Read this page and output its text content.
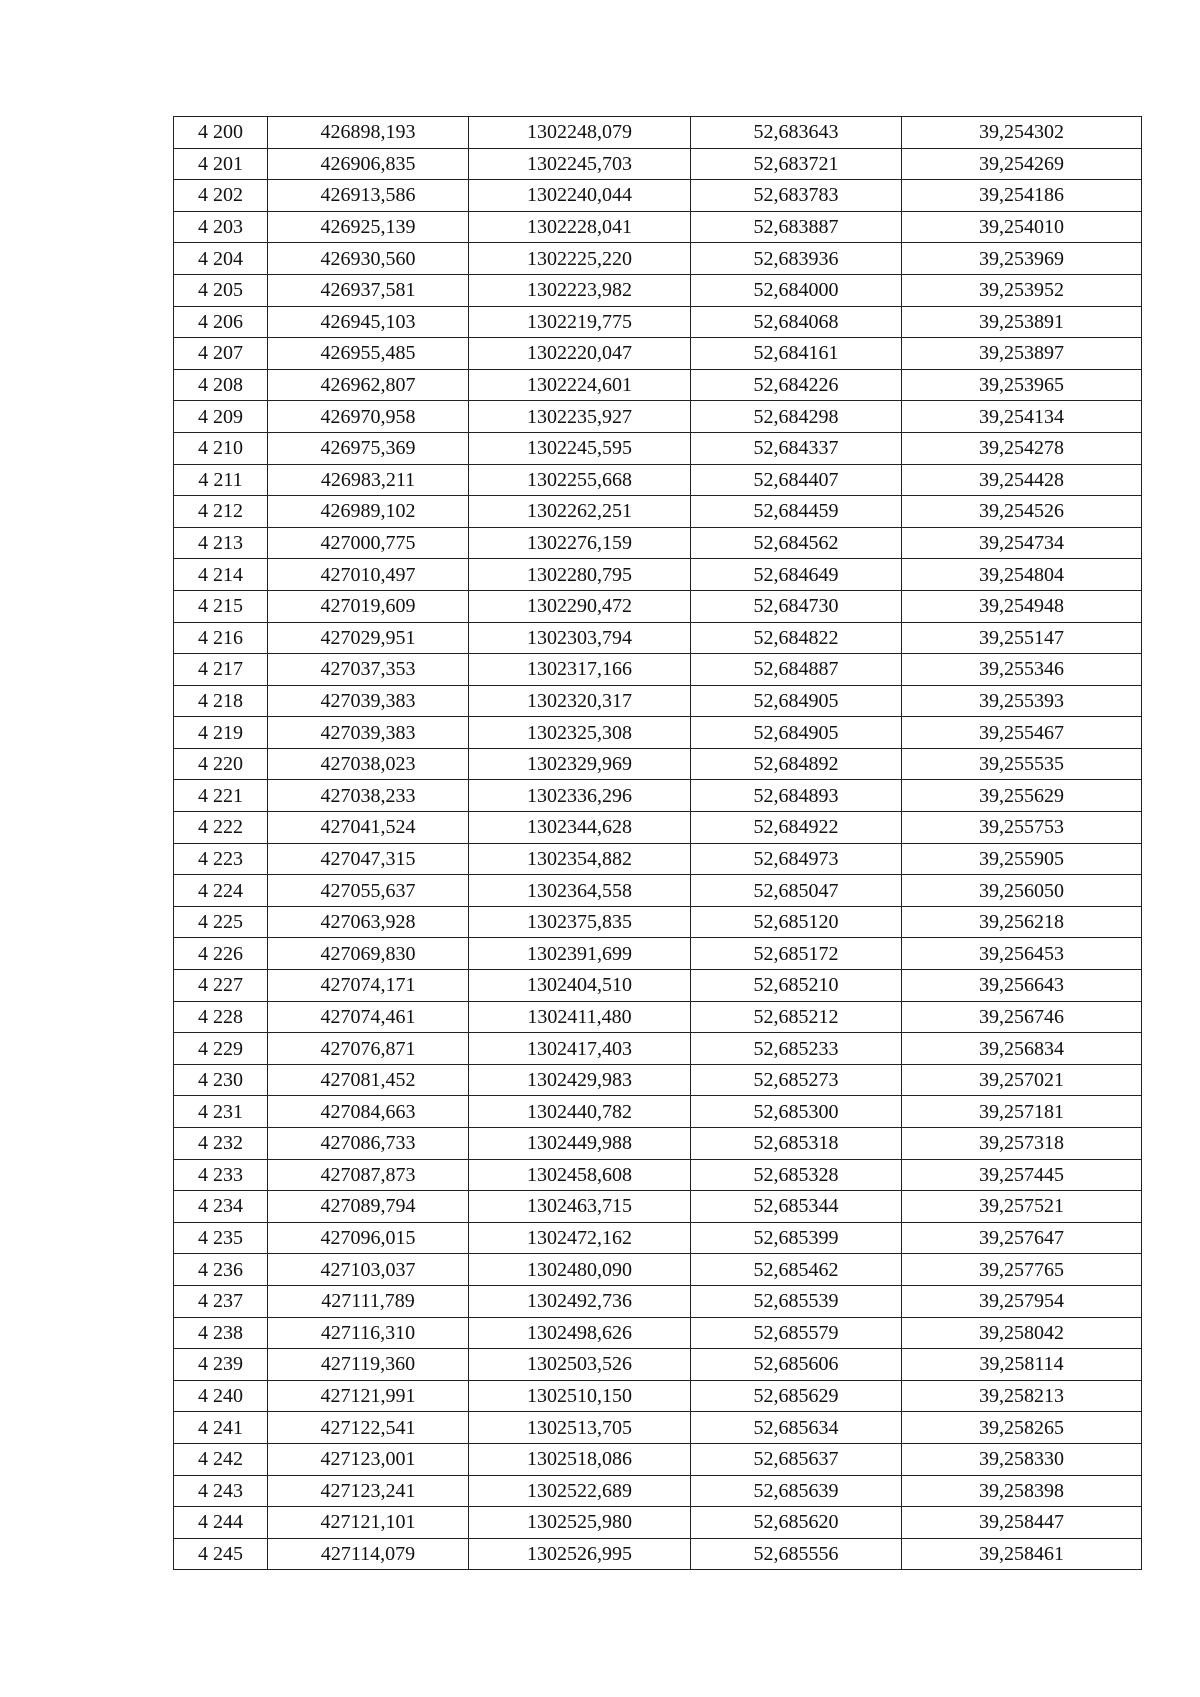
4 200	426898,193	1302248,079	52,683643	39,254302
4 201	426906,835	1302245,703	52,683721	39,254269
4 202	426913,586	1302240,044	52,683783	39,254186
4 203	426925,139	1302228,041	52,683887	39,254010
4 204	426930,560	1302225,220	52,683936	39,253969
4 205	426937,581	1302223,982	52,684000	39,253952
4 206	426945,103	1302219,775	52,684068	39,253891
4 207	426955,485	1302220,047	52,684161	39,253897
4 208	426962,807	1302224,601	52,684226	39,253965
4 209	426970,958	1302235,927	52,684298	39,254134
4 210	426975,369	1302245,595	52,684337	39,254278
4 211	426983,211	1302255,668	52,684407	39,254428
4 212	426989,102	1302262,251	52,684459	39,254526
4 213	427000,775	1302276,159	52,684562	39,254734
4 214	427010,497	1302280,795	52,684649	39,254804
4 215	427019,609	1302290,472	52,684730	39,254948
4 216	427029,951	1302303,794	52,684822	39,255147
4 217	427037,353	1302317,166	52,684887	39,255346
4 218	427039,383	1302320,317	52,684905	39,255393
4 219	427039,383	1302325,308	52,684905	39,255467
4 220	427038,023	1302329,969	52,684892	39,255535
4 221	427038,233	1302336,296	52,684893	39,255629
4 222	427041,524	1302344,628	52,684922	39,255753
4 223	427047,315	1302354,882	52,684973	39,255905
4 224	427055,637	1302364,558	52,685047	39,256050
4 225	427063,928	1302375,835	52,685120	39,256218
4 226	427069,830	1302391,699	52,685172	39,256453
4 227	427074,171	1302404,510	52,685210	39,256643
4 228	427074,461	1302411,480	52,685212	39,256746
4 229	427076,871	1302417,403	52,685233	39,256834
4 230	427081,452	1302429,983	52,685273	39,257021
4 231	427084,663	1302440,782	52,685300	39,257181
4 232	427086,733	1302449,988	52,685318	39,257318
4 233	427087,873	1302458,608	52,685328	39,257445
4 234	427089,794	1302463,715	52,685344	39,257521
4 235	427096,015	1302472,162	52,685399	39,257647
4 236	427103,037	1302480,090	52,685462	39,257765
4 237	427111,789	1302492,736	52,685539	39,257954
4 238	427116,310	1302498,626	52,685579	39,258042
4 239	427119,360	1302503,526	52,685606	39,258114
4 240	427121,991	1302510,150	52,685629	39,258213
4 241	427122,541	1302513,705	52,685634	39,258265
4 242	427123,001	1302518,086	52,685637	39,258330
4 243	427123,241	1302522,689	52,685639	39,258398
4 244	427121,101	1302525,980	52,685620	39,258447
4 245	427114,079	1302526,995	52,685556	39,258461
